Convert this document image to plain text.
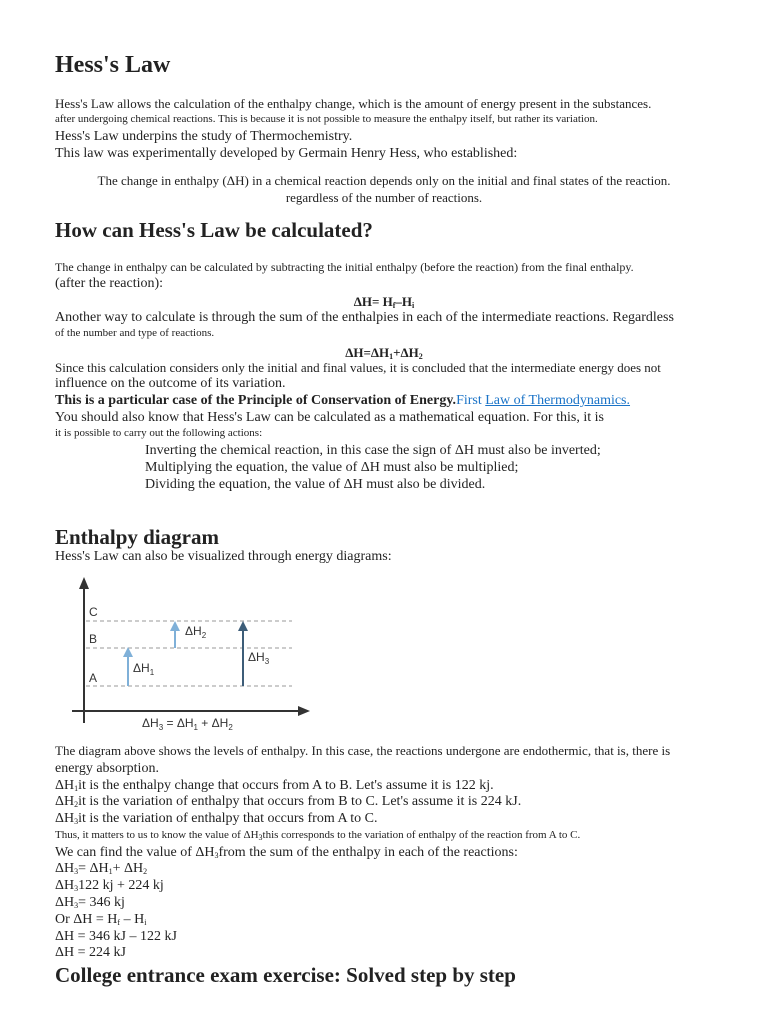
Hess's Law
Hess's Law allows the calculation of the enthalpy change, which is the amount of energy present in the substances.
after undergoing chemical reactions. This is because it is not possible to measure the enthalpy itself, but rather its variation.
Hess's Law underpins the study of Thermochemistry.
This law was experimentally developed by Germain Henry Hess, who established:
The change in enthalpy (ΔH) in a chemical reaction depends only on the initial and final states of the reaction.
regardless of the number of reactions.
How can Hess's Law be calculated?
The change in enthalpy can be calculated by subtracting the initial enthalpy (before the reaction) from the final enthalpy.
(after the reaction):
$\Delta H= H_f-H_i$
Another way to calculate is through the sum of the enthalpies in each of the intermediate reactions. Regardless
of the number and type of reactions.
$\Delta H=\Delta H_1+\Delta H_2$
Since this calculation considers only the initial and final values, it is concluded that the intermediate energy does not
influence on the outcome of its variation.
This is a particular case of the Principle of Conservation of Energy.First Law of Thermodynamics.
You should also know that Hess's Law can be calculated as a mathematical equation. For this, it is
it is possible to carry out the following actions:
Inverting the chemical reaction, in this case the sign of ΔH must also be inverted;
Multiplying the equation, the value of ΔH must also be multiplied;
Dividing the equation, the value of ΔH must also be divided.
Enthalpy diagram
Hess's Law can also be visualized through energy diagrams:
C
B
A
$\Delta H_1$
$\Delta H_2$
$\Delta H_3$
$\Delta H_3 = \Delta H_1 + \Delta H_2$
The diagram above shows the levels of enthalpy. In this case, the reactions undergone are endothermic, that is, there is
energy absorption.
$\Delta H_1it$ is the enthalpy change that occurs from A to B. Let's assume it is 122 kj.
$\Delta H_2it$ is the variation of enthalpy that occurs from B to C. Let's assume it is 224 kJ.
$\Delta H_3it$ is the variation of enthalpy that occurs from A to C.
Thus, it matters to us to know the value of $\Delta H_3this$ corresponds to the variation of enthalpy of the reaction from A to C.
We can find the value of $\Delta H_3from$ the sum of the enthalpy in each of the reactions:
$\Delta H_3= \Delta H_1+ \Delta H_2$
$\Delta H_3122$ kj + 224 kj
$\Delta H_3= 346$ kj
Or $\Delta H = H_f - H_i$
ΔH = 346 kJ – 122 kJ
ΔH = 224 kJ
College entrance exam exercise: Solved step by step
